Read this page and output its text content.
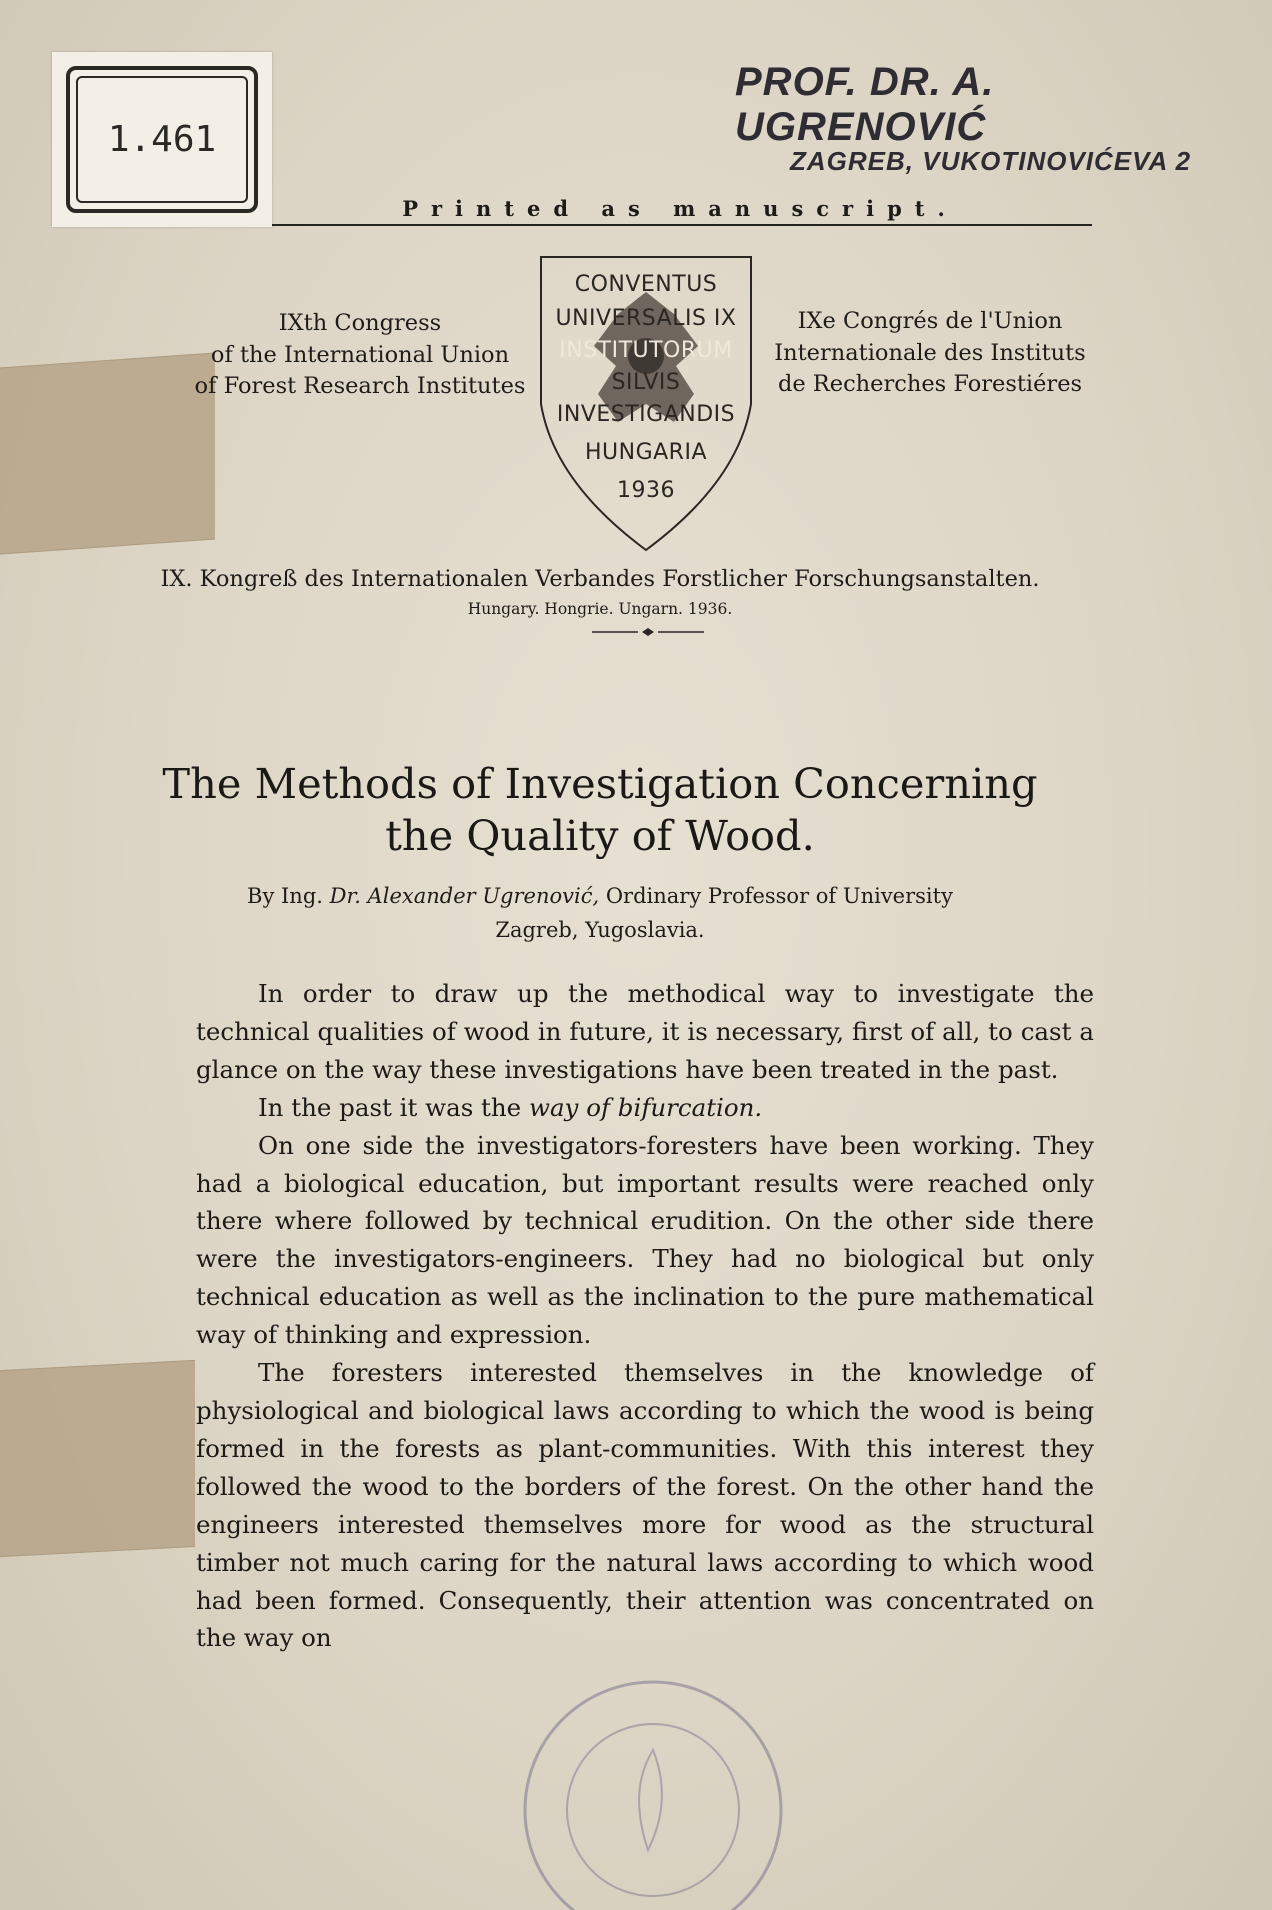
1.461
PROF. DR. A. UGRENOVIĆ
ZAGREB, VUKOTINOVIĆEVA 2
Printed as manuscript.
IXth Congress
of the International Union
of Forest Research Institutes
CONVENTUS
UNIVERSALIS IX
INSTITUTORUM
SILVIS
INVESTIGANDIS
HUNGARIA
1936
IXe Congrés de l'Union
Internationale des Instituts
de Recherches Forestiéres
IX. Kongreß des Internationalen Verbandes Forstlicher Forschungsanstalten.
Hungary. Hongrie. Ungarn. 1936.
The Methods of Investigation Concerning
the Quality of Wood.
By Ing. Dr. Alexander Ugrenović, Ordinary Professor of University
Zagreb, Yugoslavia.

In order to draw up the methodical way to investigate the technical qualities of wood in future, it is necessary, first of all, to cast a glance on the way these investigations have been treated in the past.

In the past it was the way of bifurcation.

On one side the investigators-foresters have been working. They had a biological education, but important results were reached only there where followed by technical erudition. On the other side there were the investigators-engineers. They had no biological but only technical education as well as the inclination to the pure mathematical way of thinking and expression.

The foresters interested themselves in the knowledge of physiological and biological laws according to which the wood is being formed in the forests as plant-communities. With this interest they followed the wood to the borders of the forest. On the other hand the engineers interested themselves more for wood as the structural timber not much caring for the natural laws according to which wood had been formed. Consequently, their attention was concentrated on the way on
